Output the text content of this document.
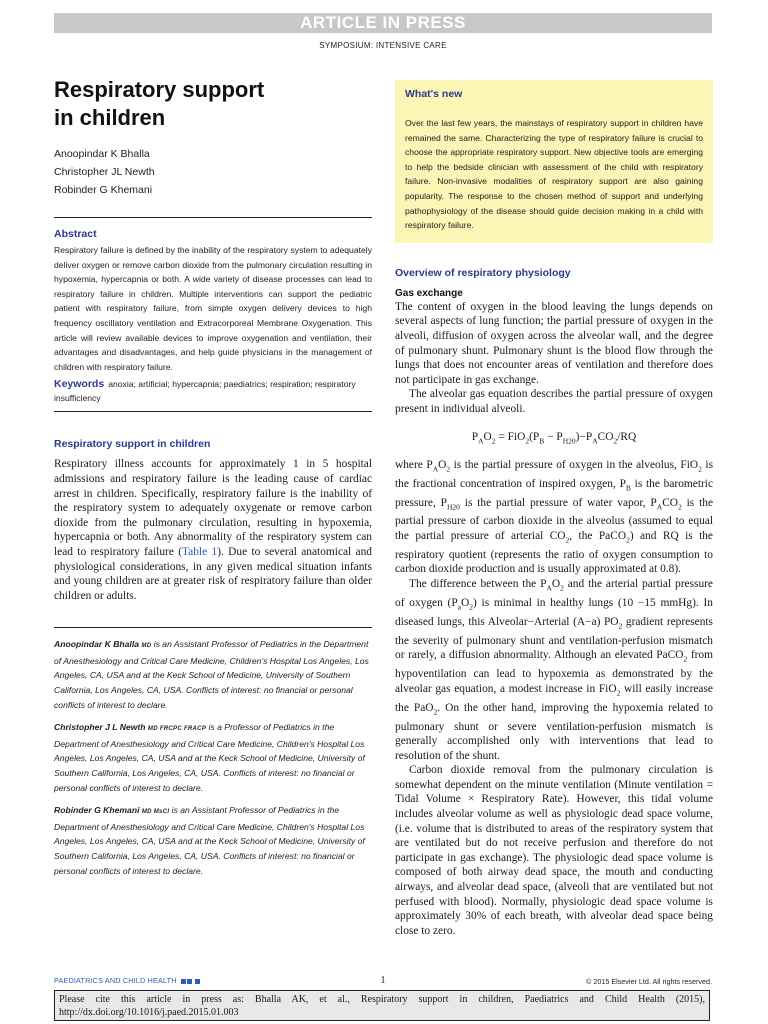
ARTICLE IN PRESS
SYMPOSIUM: INTENSIVE CARE
Respiratory support
in children
Anoopindar K Bhalla
Christopher JL Newth
Robinder G Khemani
Abstract

Respiratory failure is defined by the inability of the respiratory system to adequately deliver oxygen or remove carbon dioxide from the pulmonary circulation resulting in hypoxemia, hypercapnia or both. A wide variety of disease processes can lead to respiratory failure in children. Multiple interventions can support the pediatric patient with respiratory failure, from simple oxygen delivery devices to high frequency oscillatory ventilation and Extracorporeal Membrane Oxygenation. This article will review available devices to improve oxygenation and ventilation, their advantages and disadvantages, and help guide physicians in the management of children with respiratory failure.

Keywords anoxia; artificial; hypercapnia; paediatrics; respiration; respiratory insufficiency
Respiratory support in children

Respiratory illness accounts for approximately 1 in 5 hospital admissions and respiratory failure is the leading cause of cardiac arrest in children. Specifically, respiratory failure is the inability of the respiratory system to adequately oxygenate or remove carbon dioxide from the pulmonary circulation, resulting in hypoxemia, hypercapnia or both. Any abnormality of the respiratory system can lead to respiratory failure (Table 1). Due to several anatomical and physiological considerations, in any given medical situation infants and young children are at greater risk of respiratory failure than older children or adults.

Anoopindar K Bhalla MD is an Assistant Professor of Pediatrics in the Department of Anesthesiology and Critical Care Medicine, Children's Hospital Los Angeles, Los Angeles, CA, USA and at the Keck School of Medicine, University of Southern California, Los Angeles, CA, USA. Conflicts of interest: no financial or personal conflicts of interest to declare.

Christopher J L Newth MD FRCPC FRACP is a Professor of Pediatrics in the Department of Anesthesiology and Critical Care Medicine, Children's Hospital Los Angeles, Los Angeles, CA, USA and at the Keck School of Medicine, University of Southern California, Los Angeles, CA, USA. Conflicts of interest: no financial or personal conflicts of interest to declare.

Robinder G Khemani MD MsCI is an Assistant Professor of Pediatrics in the Department of Anesthesiology and Critical Care Medicine, Children's Hospital Los Angeles, Los Angeles, CA, USA and at the Keck School of Medicine, University of Southern California, Los Angeles, CA, USA. Conflicts of interest: no financial or personal conflicts of interest to declare.

What's new

Over the last few years, the mainstays of respiratory support in children have remained the same. Characterizing the type of respiratory failure is crucial to choose the appropriate respiratory support. New objective tools are emerging to help the bedside clinician with assessment of the child with respiratory failure. Non-invasive modalities of respiratory support are also gaining popularity. The response to the chosen method of support and underlying pathophysiology of the disease should guide decision making in a child with respiratory failure.

Overview of respiratory physiology
Gas exchange

The content of oxygen in the blood leaving the lungs depends on several aspects of lung function; the partial pressure of oxygen in the alveoli, diffusion of oxygen across the alveolar wall, and the degree of pulmonary shunt. Pulmonary shunt is the blood flow through the lungs that does not encounter areas of ventilation and therefore does not participate in gas exchange.

The alveolar gas equation describes the partial pressure of oxygen present in individual alveoli.

$P_AO_2 = FiO_2(P_B - P_{H20})-P_ACO_2/RQ$

where $P_AO_2$ is the partial pressure of oxygen in the alveolus, FiO$_2$ is the fractional concentration of inspired oxygen, $P_B$ is the barometric pressure, $P_{H20}$ is the partial pressure of water vapor, $P_ACO_2$ is the partial pressure of carbon dioxide in the alveolus (assumed to equal the partial pressure of arterial $CO_2$, the PaCO$_2$) and RQ is the respiratory quotient (represents the ratio of oxygen consumption to carbon dioxide production and is usually approximated at 0.8).

The difference between the $P_AO_2$ and the arterial partial pressure of oxygen $(P_aO_2)$ is minimal in healthy lungs (10 −15 mmHg). In diseased lungs, this Alveolar−Arterial (A−a) $PO_2$ gradient represents the severity of pulmonary shunt and ventilation-perfusion mismatch or rarely, a diffusion abnormality. Although an elevated PaCO$_2$ from hypoventilation can lead to hypoxemia as demonstrated by the alveolar gas equation, a modest increase in FiO$_2$ will easily increase the PaO$_2$. On the other hand, improving the hypoxemia related to pulmonary shunt or severe ventilation-perfusion mismatch is generally accomplished only with interventions that lead to resolution of the shunt.

Carbon dioxide removal from the pulmonary circulation is somewhat dependent on the minute ventilation (Minute ventilation = Tidal Volume × Respiratory Rate). However, this tidal volume includes alveolar volume as well as physiologic dead space volume, (i.e. volume that is distributed to areas of the respiratory system that are ventilated but do not receive perfusion and therefore do not participate in gas exchange). The physiologic dead space volume is composed of both airway dead space, the mouth and conducting airways, and alveolar dead space, (alveoli that are ventilated but not perfused with blood). Normally, physiologic dead space volume is approximately 30% of each breath, with alveolar dead space being close to zero.

PAEDIATRICS AND CHILD HEALTH	1	© 2015 Elsevier Ltd. All rights reserved.
Please cite this article in press as: Bhalla AK, et al., Respiratory support in children, Paediatrics and Child Health (2015), http://dx.doi.org/10.1016/j.paed.2015.01.003
